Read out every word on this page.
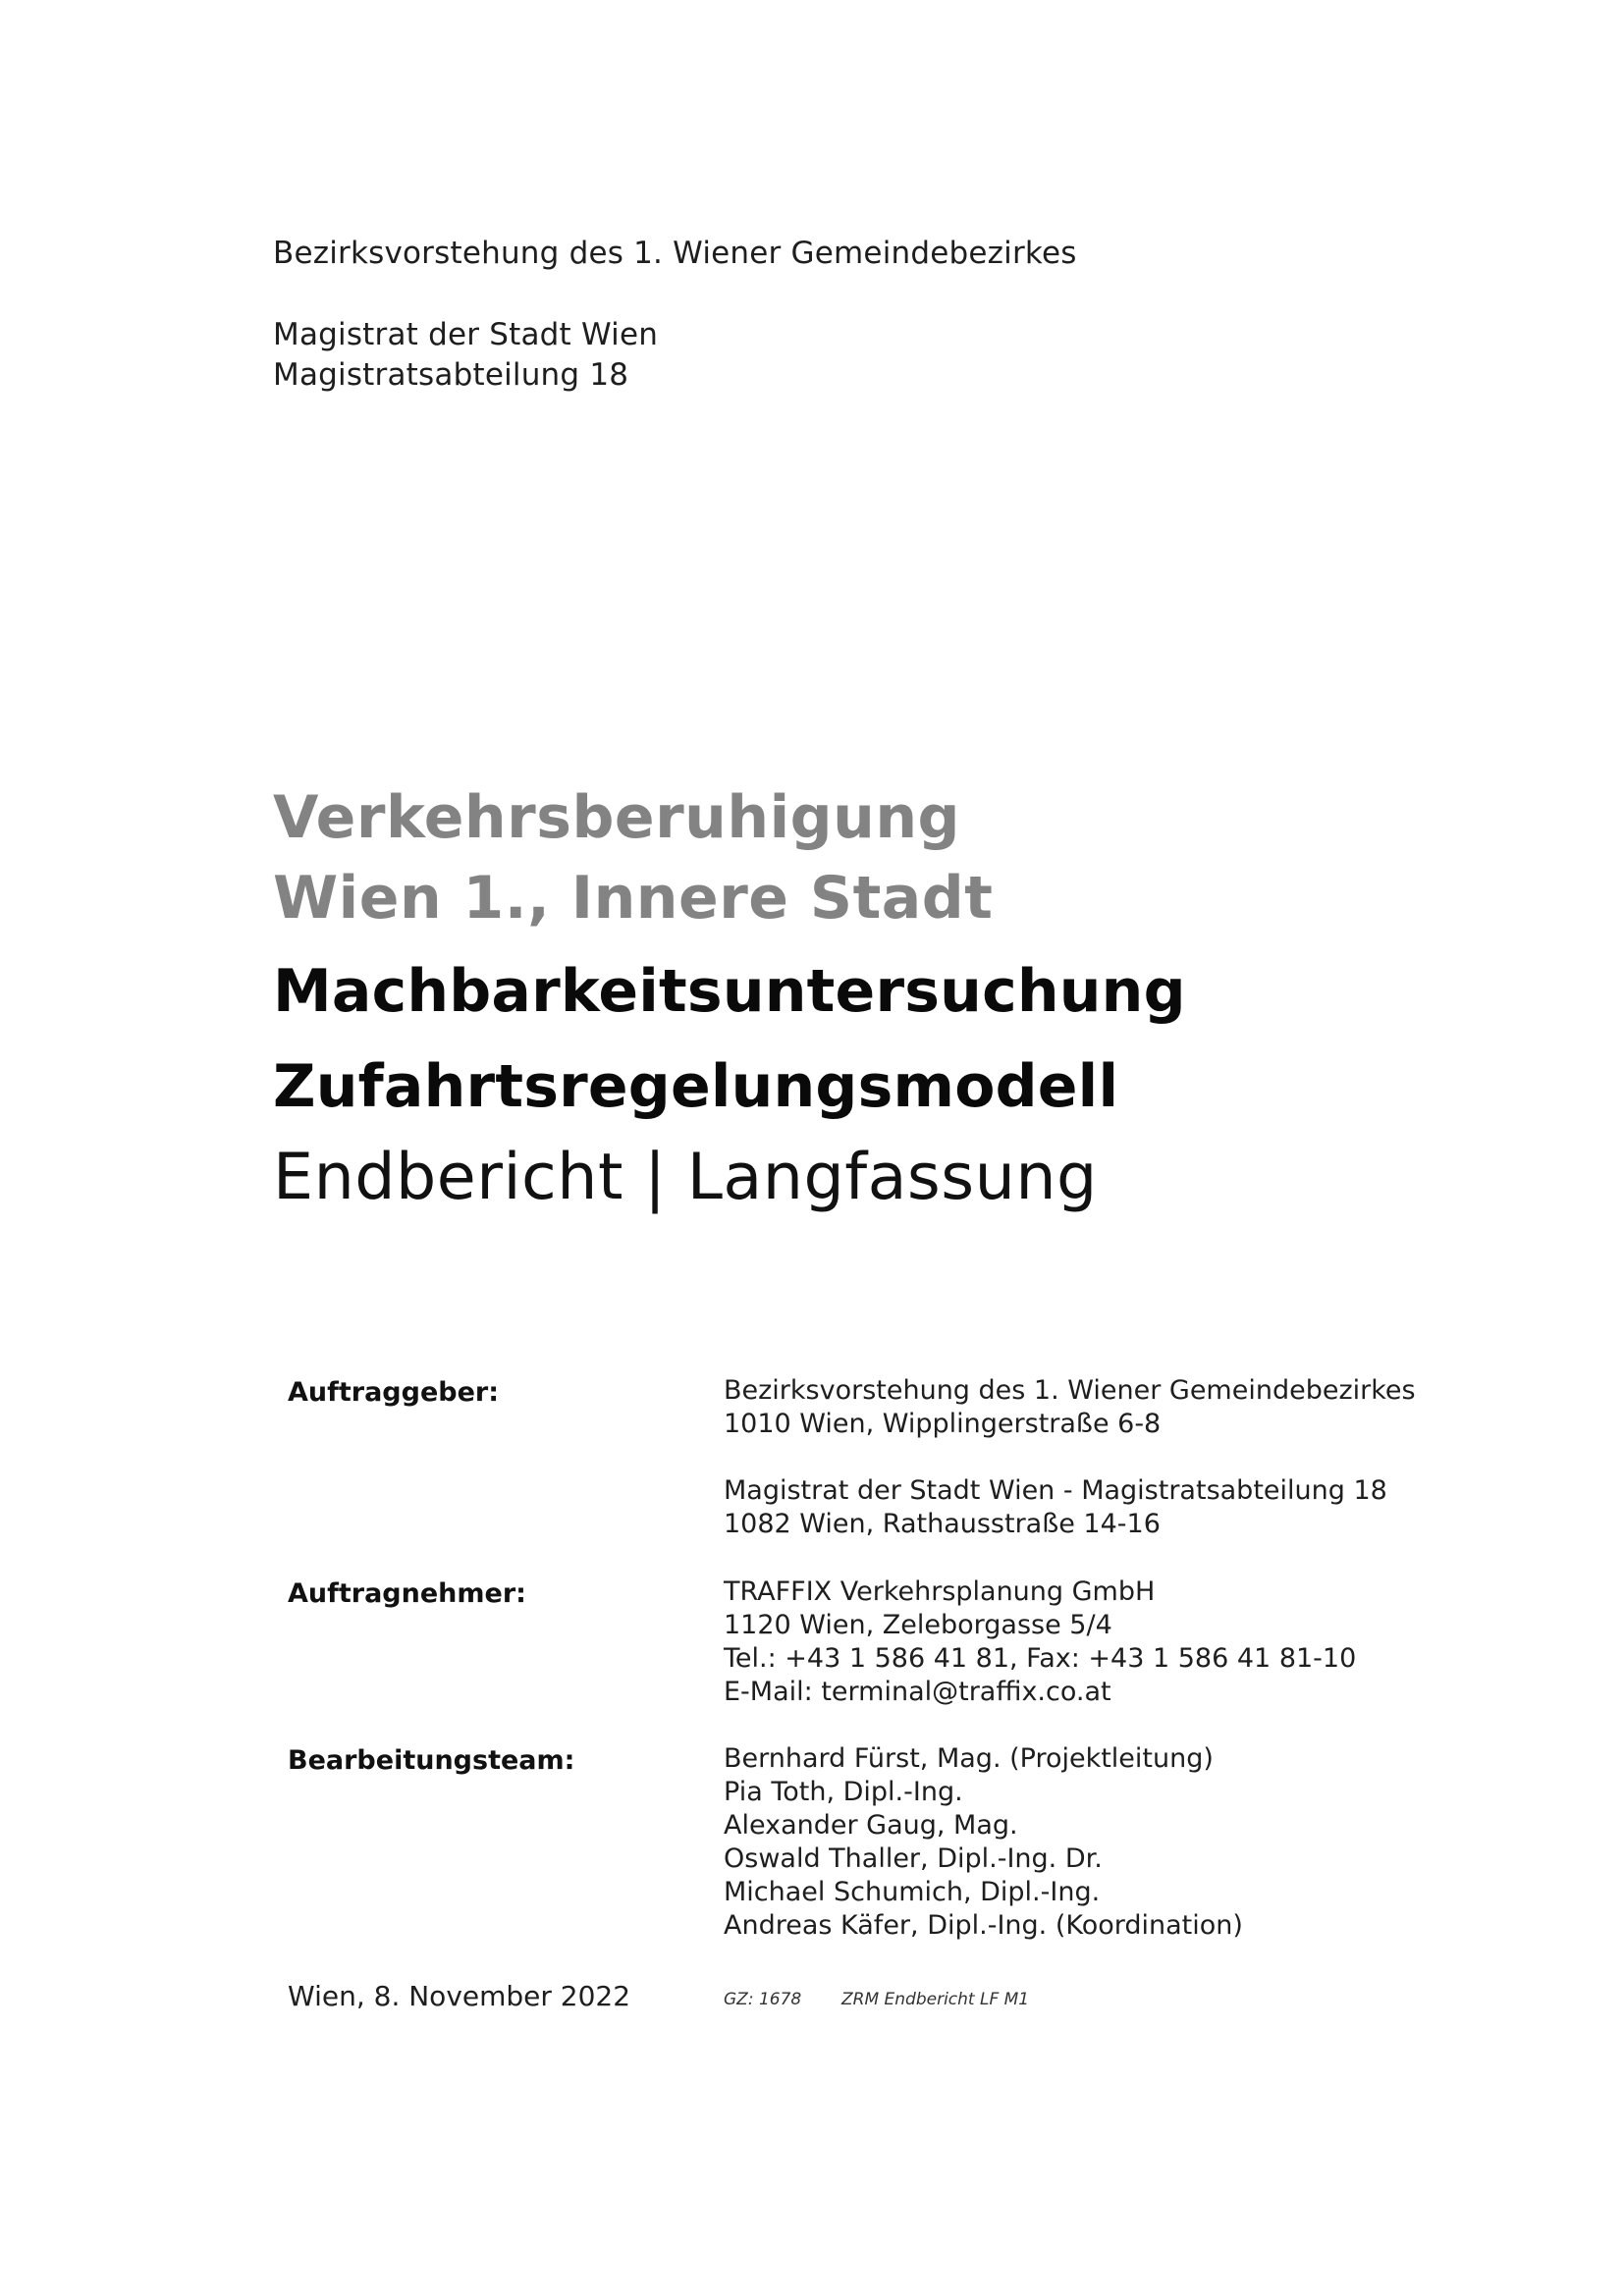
Bezirksvorstehung des 1. Wiener Gemeindebezirkes
Magistrat der Stadt Wien
Magistratsabteilung 18
Verkehrsberuhigung
Wien 1., Innere Stadt
Machbarkeitsuntersuchung
Zufahrtsregelungsmodell
Endbericht | Langfassung
Auftraggeber:	Bezirksvorstehung des 1. Wiener Gemeindebezirkes
1010 Wien, Wipplingerstraße 6-8
Magistrat der Stadt Wien - Magistratsabteilung 18
1082 Wien, Rathausstraße 14-16
Auftragnehmer:	TRAFFIX Verkehrsplanung GmbH
1120 Wien, Zeleborgasse 5/4
Tel.: +43 1 586 41 81, Fax: +43 1 586 41 81-10
E-Mail: terminal@traffix.co.at
Bearbeitungsteam:	Bernhard Fürst, Mag. (Projektleitung)
Pia Toth, Dipl.-Ing.
Alexander Gaug, Mag.
Oswald Thaller, Dipl.-Ing. Dr.
Michael Schumich, Dipl.-Ing.
Andreas Käfer, Dipl.-Ing. (Koordination)
Wien, 8. November 2022	GZ: 1678 ZRM Endbericht LF M1
